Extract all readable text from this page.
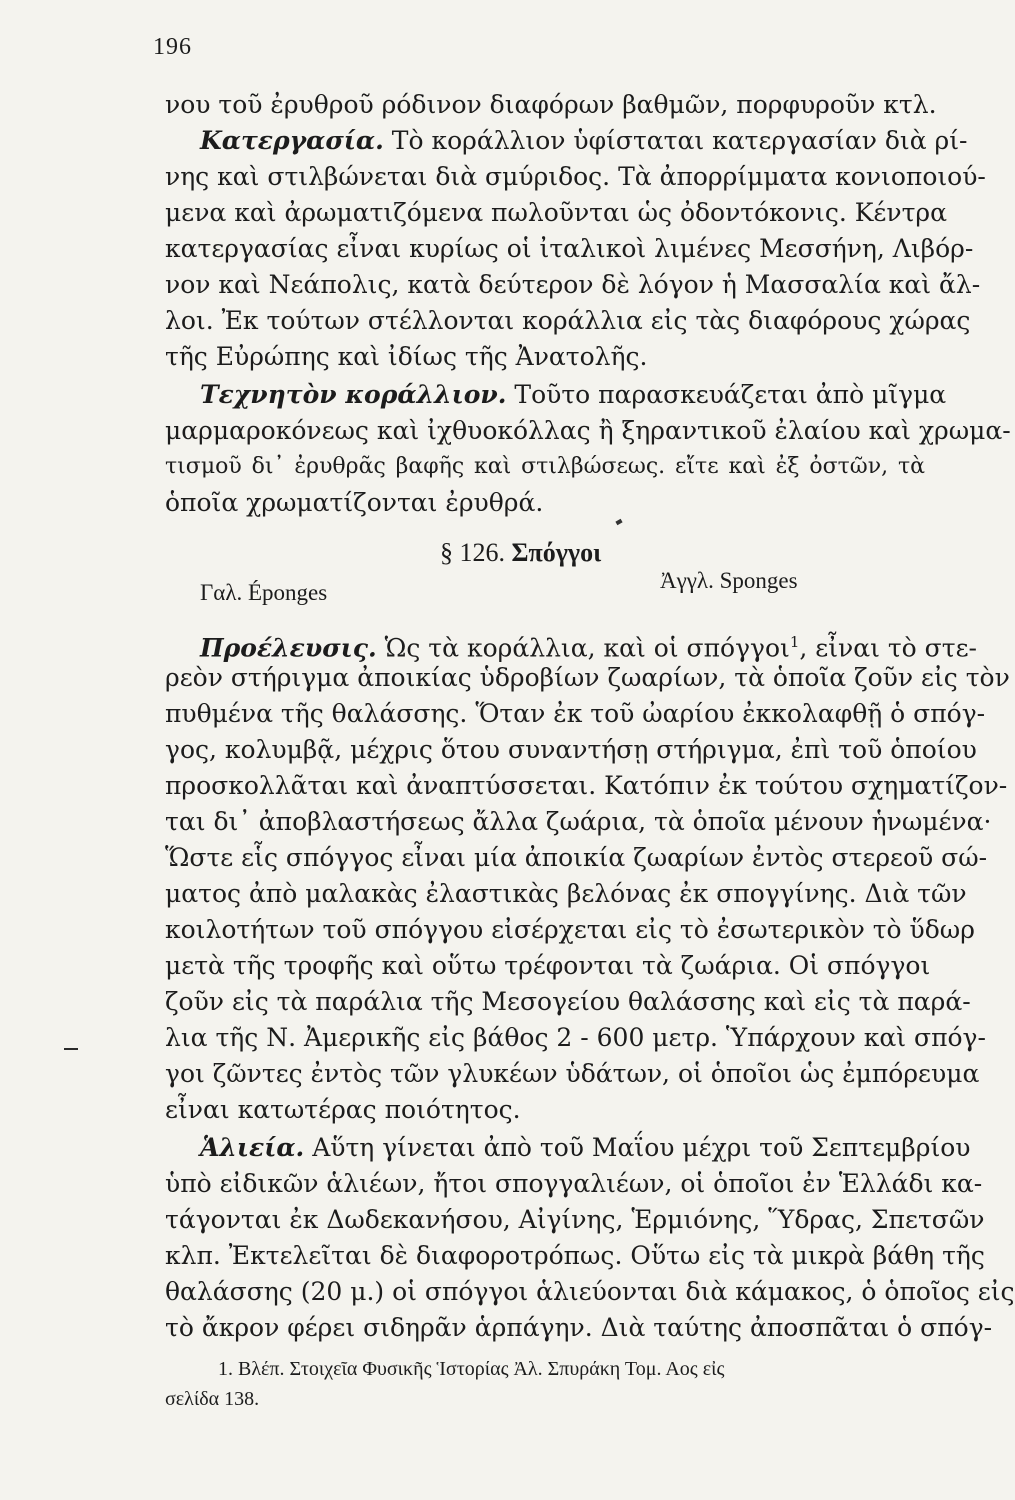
196
νου τοῦ ἐρυθροῦ ρόδινον διαφόρων βαθμῶν, πορφυροῦν κτλ.
Κατεργασία. Τὸ κοράλλιον ὑφίσταται κατεργασίαν διὰ ρί-
νης καὶ στιλβώνεται διὰ σμύριδος. Τὰ ἀπορρίμματα κονιοποιού-
μενα καὶ ἀρωματιζόμενα πωλοῦνται ὡς ὀδοντόκονις. Κέντρα
κατεργασίας εἶναι κυρίως οἱ ἰταλικοὶ λιμένες Μεσσήνη, Λιβόρ-
νον καὶ Νεάπολις, κατὰ δεύτερον δὲ λόγον ἡ Μασσαλία καὶ ἄλ-
λοι. Ἐκ τούτων στέλλονται κοράλλια εἰς τὰς διαφόρους χώρας
τῆς Εὐρώπης καὶ ἰδίως τῆς Ἀνατολῆς.
Τεχνητὸν κοράλλιον. Τοῦτο παρασκευάζεται ἀπὸ μῖγμα
μαρμαροκόνεως καὶ ἰχθυοκόλλας ἢ ξηραντικοῦ ἐλαίου καὶ χρωμα-
τισμοῦ δι᾽ ἐρυθρᾶς βαφῆς καὶ στιλβώσεως. εἴτε καὶ ἐξ ὀστῶν, τὰ
ὁποῖα χρωματίζονται ἐρυθρά.
§ 126. Σπόγγοι
Γαλ. Éponges	Ἀγγλ. Sponges
Προέλευσις. Ὡς τὰ κοράλλια, καὶ οἱ σπόγγοι$^1$, εἶναι τὸ στε-
ρεὸν στήριγμα ἀποικίας ὑδροβίων ζωαρίων, τὰ ὁποῖα ζοῦν εἰς τὸν
πυθμένα τῆς θαλάσσης. Ὅταν ἐκ τοῦ ὠαρίου ἐκκολαφθῇ ὁ σπόγ-
γος, κολυμβᾷ, μέχρις ὅτου συναντήσῃ στήριγμα, ἐπὶ τοῦ ὁποίου
προσκολλᾶται καὶ ἀναπτύσσεται. Κατόπιν ἐκ τούτου σχηματίζον-
ται δι᾽ ἀποβλαστήσεως ἄλλα ζωάρια, τὰ ὁποῖα μένουν ἡνωμένα·
Ὥστε εἷς σπόγγος εἶναι μία ἀποικία ζωαρίων ἐντὸς στερεοῦ σώ-
ματος ἀπὸ μαλακὰς ἐλαστικὰς βελόνας ἐκ σπογγίνης. Διὰ τῶν
κοιλοτήτων τοῦ σπόγγου εἰσέρχεται εἰς τὸ ἐσωτερικὸν τὸ ὕδωρ
μετὰ τῆς τροφῆς καὶ οὕτω τρέφονται τὰ ζωάρια. Οἱ σπόγγοι
ζοῦν εἰς τὰ παράλια τῆς Μεσογείου θαλάσσης καὶ εἰς τὰ παρά-
λια τῆς Ν. Ἀμερικῆς εἰς βάθος 2 - 600 μετρ. Ὑπάρχουν καὶ σπόγ-
γοι ζῶντες ἐντὸς τῶν γλυκέων ὑδάτων, οἱ ὁποῖοι ὡς ἐμπόρευμα
εἶναι κατωτέρας ποιότητος.
Ἁλιεία. Αὕτη γίνεται ἀπὸ τοῦ Μαΐου μέχρι τοῦ Σεπτεμβρίου
ὑπὸ εἰδικῶν ἁλιέων, ἤτοι σπογγαλιέων, οἱ ὁποῖοι ἐν Ἑλλάδι κα-
τάγονται ἐκ Δωδεκανήσου, Αἰγίνης, Ἑρμιόνης, Ὕδρας, Σπετσῶν
κλπ. Ἐκτελεῖται δὲ διαφοροτρόπως. Οὕτω εἰς τὰ μικρὰ βάθη τῆς
θαλάσσης (20 μ.) οἱ σπόγγοι ἁλιεύονται διὰ κάμακος, ὁ ὁποῖος εἰς
τὸ ἄκρον φέρει σιδηρᾶν ἁρπάγην. Διὰ ταύτης ἀποσπᾶται ὁ σπόγ-
1. Βλέπ. Στοιχεῖα Φυσικῆς Ἱστορίας Ἀλ. Σπυράκη Τομ. Αος εἰς
σελίδα 138.
